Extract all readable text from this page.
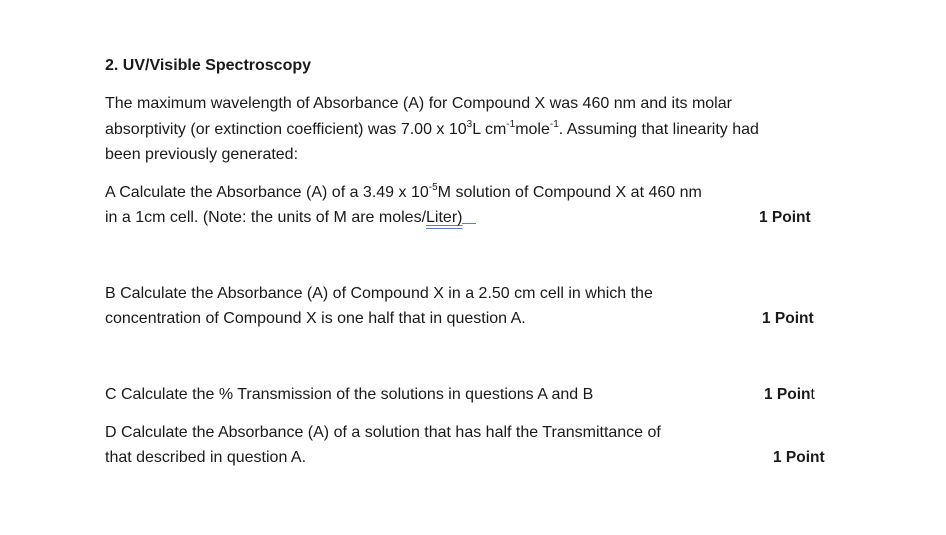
2. UV/Visible Spectroscopy
The maximum wavelength of Absorbance (A) for Compound X was 460 nm and its molar
absorptivity (or extinction coefficient) was 7.00 x $10^3L$ $cm^{-1}mole^{-1}$. Assuming that linearity had
been previously generated:
A Calculate the Absorbance (A) of a 3.49 x $10^{-5}M$ solution of Compound X at 460 nm
in a 1cm cell. (Note: the units of M are moles/Liter)	1 Point
B Calculate the Absorbance (A) of Compound X in a 2.50 cm cell in which the
concentration of Compound X is one half that in question A.	1 Point
C Calculate the % Transmission of the solutions in questions A and B	1 Point
D Calculate the Absorbance (A) of a solution that has half the Transmittance of
that described in question A.	1 Point
